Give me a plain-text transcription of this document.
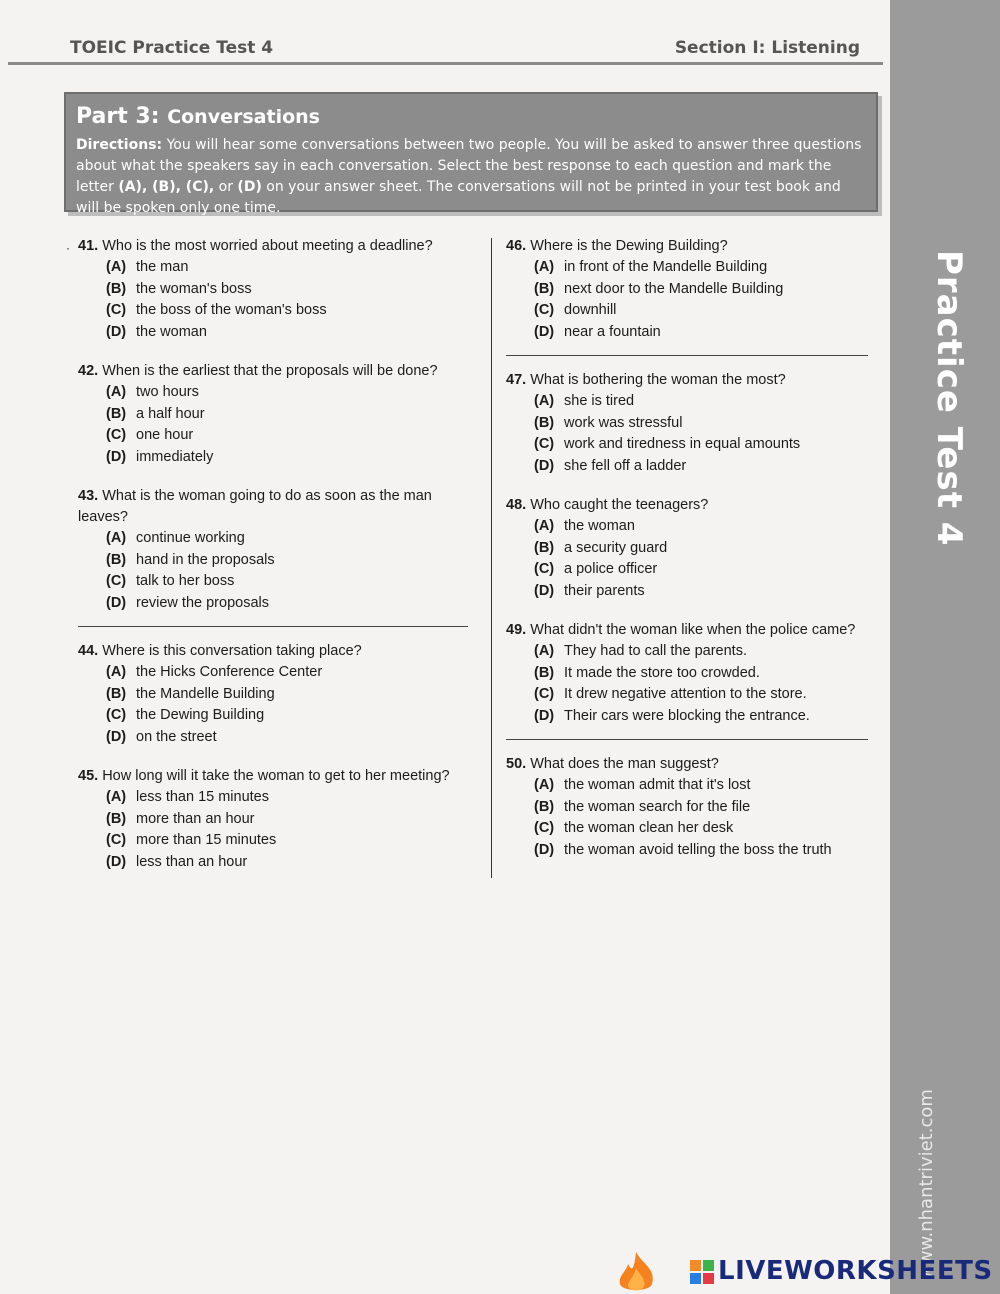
TOEIC Practice Test 4	Section I: Listening
Practice Test 4
www.nhantriviet.com
Part 3: Conversations

Directions: You will hear some conversations between two people. You will be asked to answer three questions about what the speakers say in each conversation. Select the best response to each question and mark the letter (A), (B), (C), or (D) on your answer sheet. The conversations will not be printed in your test book and will be spoken only one time.

· 41. Who is the most worried about meeting a deadline?
(A) the man
(B) the woman's boss
(C) the boss of the woman's boss
(D) the woman
42. When is the earliest that the proposals will be done?
(A) two hours
(B) a half hour
(C) one hour
(D) immediately
43. What is the woman going to do as soon as the man leaves?
(A) continue working
(B) hand in the proposals
(C) talk to her boss
(D) review the proposals
44. Where is this conversation taking place?
(A) the Hicks Conference Center
(B) the Mandelle Building
(C) the Dewing Building
(D) on the street
45. How long will it take the woman to get to her meeting?
(A) less than 15 minutes
(B) more than an hour
(C) more than 15 minutes
(D) less than an hour
46. Where is the Dewing Building?
(A) in front of the Mandelle Building
(B) next door to the Mandelle Building
(C) downhill
(D) near a fountain
47. What is bothering the woman the most?
(A) she is tired
(B) work was stressful
(C) work and tiredness in equal amounts
(D) she fell off a ladder
48. Who caught the teenagers?
(A) the woman
(B) a security guard
(C) a police officer
(D) their parents
49. What didn't the woman like when the police came?
(A) They had to call the parents.
(B) It made the store too crowded.
(C) It drew negative attention to the store.
(D) Their cars were blocking the entrance.
50. What does the man suggest?
(A) the woman admit that it's lost
(B) the woman search for the file
(C) the woman clean her desk
(D) the woman avoid telling the boss the truth
LIVEWORKSHEETS
